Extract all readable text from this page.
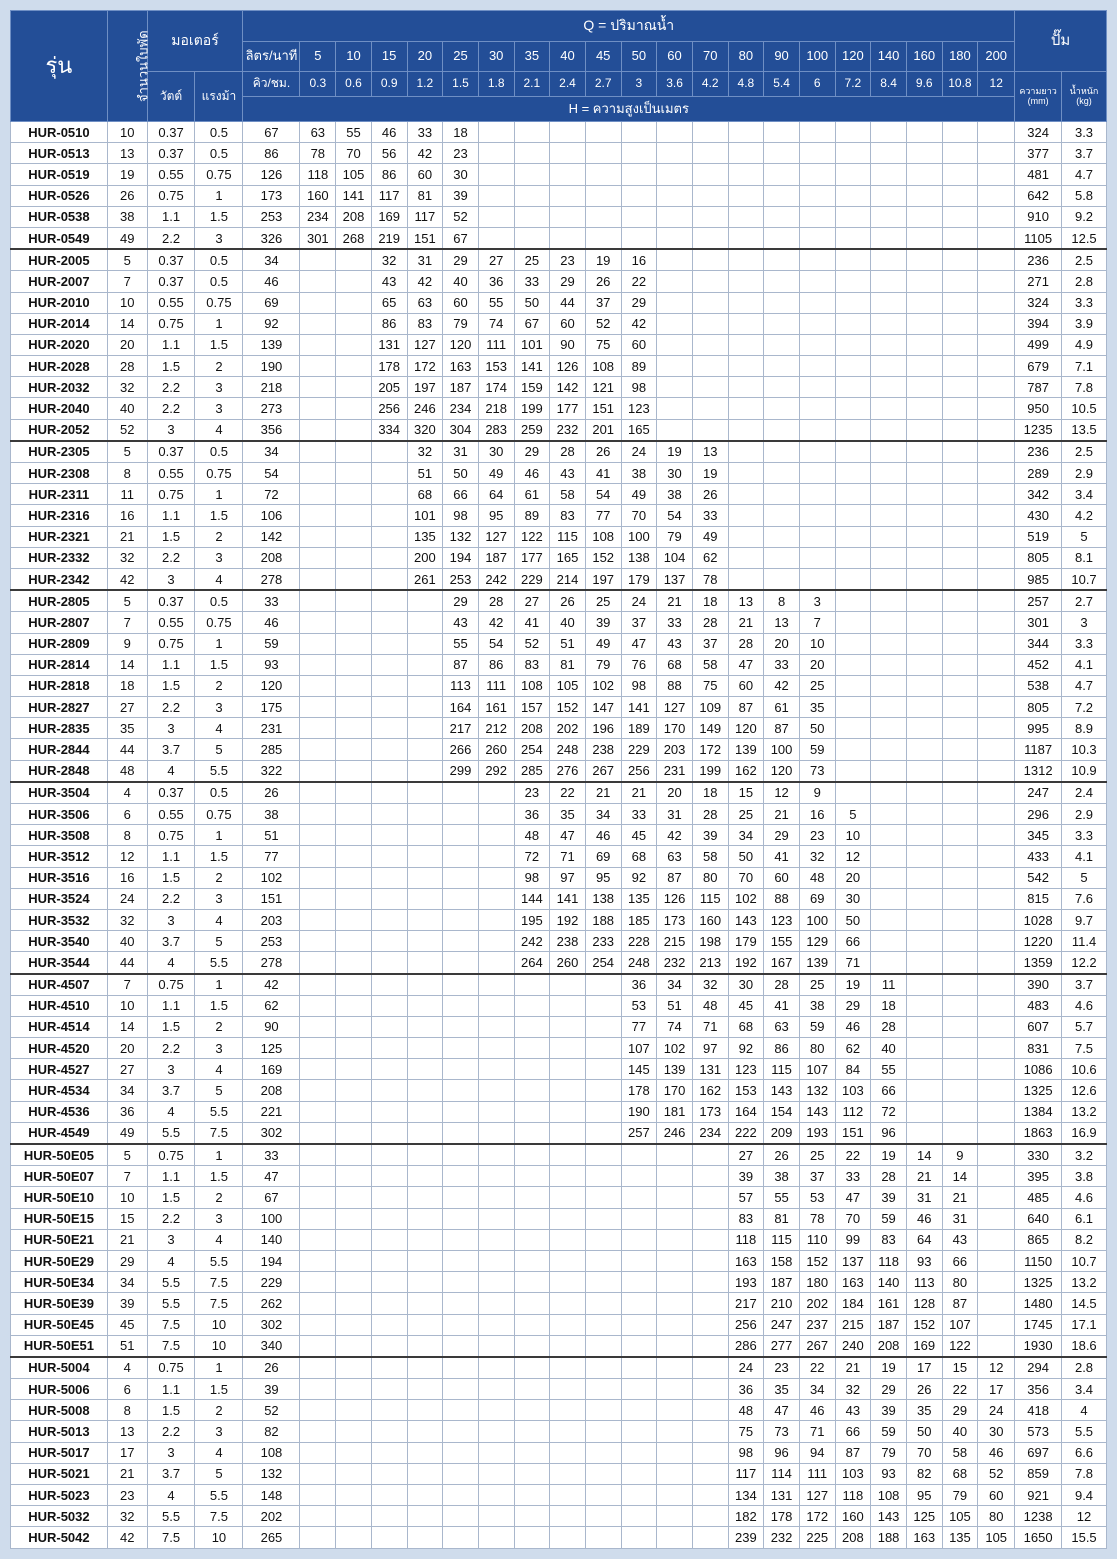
รุ่น	จำนวนใบพัด	มอเตอร์		Q = ปริมาณน้ำ																					ปั๊ม	
				ลิตร/นาที	5	10	15	20	25	30	35	40	45	50	60	70	80	90	100	120	140	160	180	200		
		วัตต์	แรงม้า	คิว/ชม.	0.3	0.6	0.9	1.2	1.5	1.8	2.1	2.4	2.7	3	3.6	4.2	4.8	5.4	6	7.2	8.4	9.6	10.8	12	ความยาว
(mm)	น้ำหนัก
(kg)
				H = ความสูงเป็นเมตร																						
HUR-0510	10	0.37	0.5	67	63	55	46	33	18																324	3.3
HUR-0513	13	0.37	0.5	86	78	70	56	42	23																377	3.7
HUR-0519	19	0.55	0.75	126	118	105	86	60	30																481	4.7
HUR-0526	26	0.75	1	173	160	141	117	81	39																642	5.8
HUR-0538	38	1.1	1.5	253	234	208	169	117	52																910	9.2
HUR-0549	49	2.2	3	326	301	268	219	151	67																1105	12.5
HUR-2005	5	0.37	0.5	34			32	31	29	27	25	23	19	16											236	2.5
HUR-2007	7	0.37	0.5	46			43	42	40	36	33	29	26	22											271	2.8
HUR-2010	10	0.55	0.75	69			65	63	60	55	50	44	37	29											324	3.3
HUR-2014	14	0.75	1	92			86	83	79	74	67	60	52	42											394	3.9
HUR-2020	20	1.1	1.5	139			131	127	120	111	101	90	75	60											499	4.9
HUR-2028	28	1.5	2	190			178	172	163	153	141	126	108	89											679	7.1
HUR-2032	32	2.2	3	218			205	197	187	174	159	142	121	98											787	7.8
HUR-2040	40	2.2	3	273			256	246	234	218	199	177	151	123											950	10.5
HUR-2052	52	3	4	356			334	320	304	283	259	232	201	165											1235	13.5
HUR-2305	5	0.37	0.5	34				32	31	30	29	28	26	24	19	13									236	2.5
HUR-2308	8	0.55	0.75	54				51	50	49	46	43	41	38	30	19									289	2.9
HUR-2311	11	0.75	1	72				68	66	64	61	58	54	49	38	26									342	3.4
HUR-2316	16	1.1	1.5	106				101	98	95	89	83	77	70	54	33									430	4.2
HUR-2321	21	1.5	2	142				135	132	127	122	115	108	100	79	49									519	5
HUR-2332	32	2.2	3	208				200	194	187	177	165	152	138	104	62									805	8.1
HUR-2342	42	3	4	278				261	253	242	229	214	197	179	137	78									985	10.7
HUR-2805	5	0.37	0.5	33					29	28	27	26	25	24	21	18	13	8	3						257	2.7
HUR-2807	7	0.55	0.75	46					43	42	41	40	39	37	33	28	21	13	7						301	3
HUR-2809	9	0.75	1	59					55	54	52	51	49	47	43	37	28	20	10						344	3.3
HUR-2814	14	1.1	1.5	93					87	86	83	81	79	76	68	58	47	33	20						452	4.1
HUR-2818	18	1.5	2	120					113	111	108	105	102	98	88	75	60	42	25						538	4.7
HUR-2827	27	2.2	3	175					164	161	157	152	147	141	127	109	87	61	35						805	7.2
HUR-2835	35	3	4	231					217	212	208	202	196	189	170	149	120	87	50						995	8.9
HUR-2844	44	3.7	5	285					266	260	254	248	238	229	203	172	139	100	59						1187	10.3
HUR-2848	48	4	5.5	322					299	292	285	276	267	256	231	199	162	120	73						1312	10.9
HUR-3504	4	0.37	0.5	26							23	22	21	21	20	18	15	12	9						247	2.4
HUR-3506	6	0.55	0.75	38							36	35	34	33	31	28	25	21	16	5					296	2.9
HUR-3508	8	0.75	1	51							48	47	46	45	42	39	34	29	23	10					345	3.3
HUR-3512	12	1.1	1.5	77							72	71	69	68	63	58	50	41	32	12					433	4.1
HUR-3516	16	1.5	2	102							98	97	95	92	87	80	70	60	48	20					542	5
HUR-3524	24	2.2	3	151							144	141	138	135	126	115	102	88	69	30					815	7.6
HUR-3532	32	3	4	203							195	192	188	185	173	160	143	123	100	50					1028	9.7
HUR-3540	40	3.7	5	253							242	238	233	228	215	198	179	155	129	66					1220	11.4
HUR-3544	44	4	5.5	278							264	260	254	248	232	213	192	167	139	71					1359	12.2
HUR-4507	7	0.75	1	42										36	34	32	30	28	25	19	11				390	3.7
HUR-4510	10	1.1	1.5	62										53	51	48	45	41	38	29	18				483	4.6
HUR-4514	14	1.5	2	90										77	74	71	68	63	59	46	28				607	5.7
HUR-4520	20	2.2	3	125										107	102	97	92	86	80	62	40				831	7.5
HUR-4527	27	3	4	169										145	139	131	123	115	107	84	55				1086	10.6
HUR-4534	34	3.7	5	208										178	170	162	153	143	132	103	66				1325	12.6
HUR-4536	36	4	5.5	221										190	181	173	164	154	143	112	72				1384	13.2
HUR-4549	49	5.5	7.5	302										257	246	234	222	209	193	151	96				1863	16.9
HUR-50E05	5	0.75	1	33													27	26	25	22	19	14	9		330	3.2
HUR-50E07	7	1.1	1.5	47													39	38	37	33	28	21	14		395	3.8
HUR-50E10	10	1.5	2	67													57	55	53	47	39	31	21		485	4.6
HUR-50E15	15	2.2	3	100													83	81	78	70	59	46	31		640	6.1
HUR-50E21	21	3	4	140													118	115	110	99	83	64	43		865	8.2
HUR-50E29	29	4	5.5	194													163	158	152	137	118	93	66		1150	10.7
HUR-50E34	34	5.5	7.5	229													193	187	180	163	140	113	80		1325	13.2
HUR-50E39	39	5.5	7.5	262													217	210	202	184	161	128	87		1480	14.5
HUR-50E45	45	7.5	10	302													256	247	237	215	187	152	107		1745	17.1
HUR-50E51	51	7.5	10	340													286	277	267	240	208	169	122		1930	18.6
HUR-5004	4	0.75	1	26													24	23	22	21	19	17	15	12	294	2.8
HUR-5006	6	1.1	1.5	39													36	35	34	32	29	26	22	17	356	3.4
HUR-5008	8	1.5	2	52													48	47	46	43	39	35	29	24	418	4
HUR-5013	13	2.2	3	82													75	73	71	66	59	50	40	30	573	5.5
HUR-5017	17	3	4	108													98	96	94	87	79	70	58	46	697	6.6
HUR-5021	21	3.7	5	132													117	114	111	103	93	82	68	52	859	7.8
HUR-5023	23	4	5.5	148													134	131	127	118	108	95	79	60	921	9.4
HUR-5032	32	5.5	7.5	202													182	178	172	160	143	125	105	80	1238	12
HUR-5042	42	7.5	10	265													239	232	225	208	188	163	135	105	1650	15.5
